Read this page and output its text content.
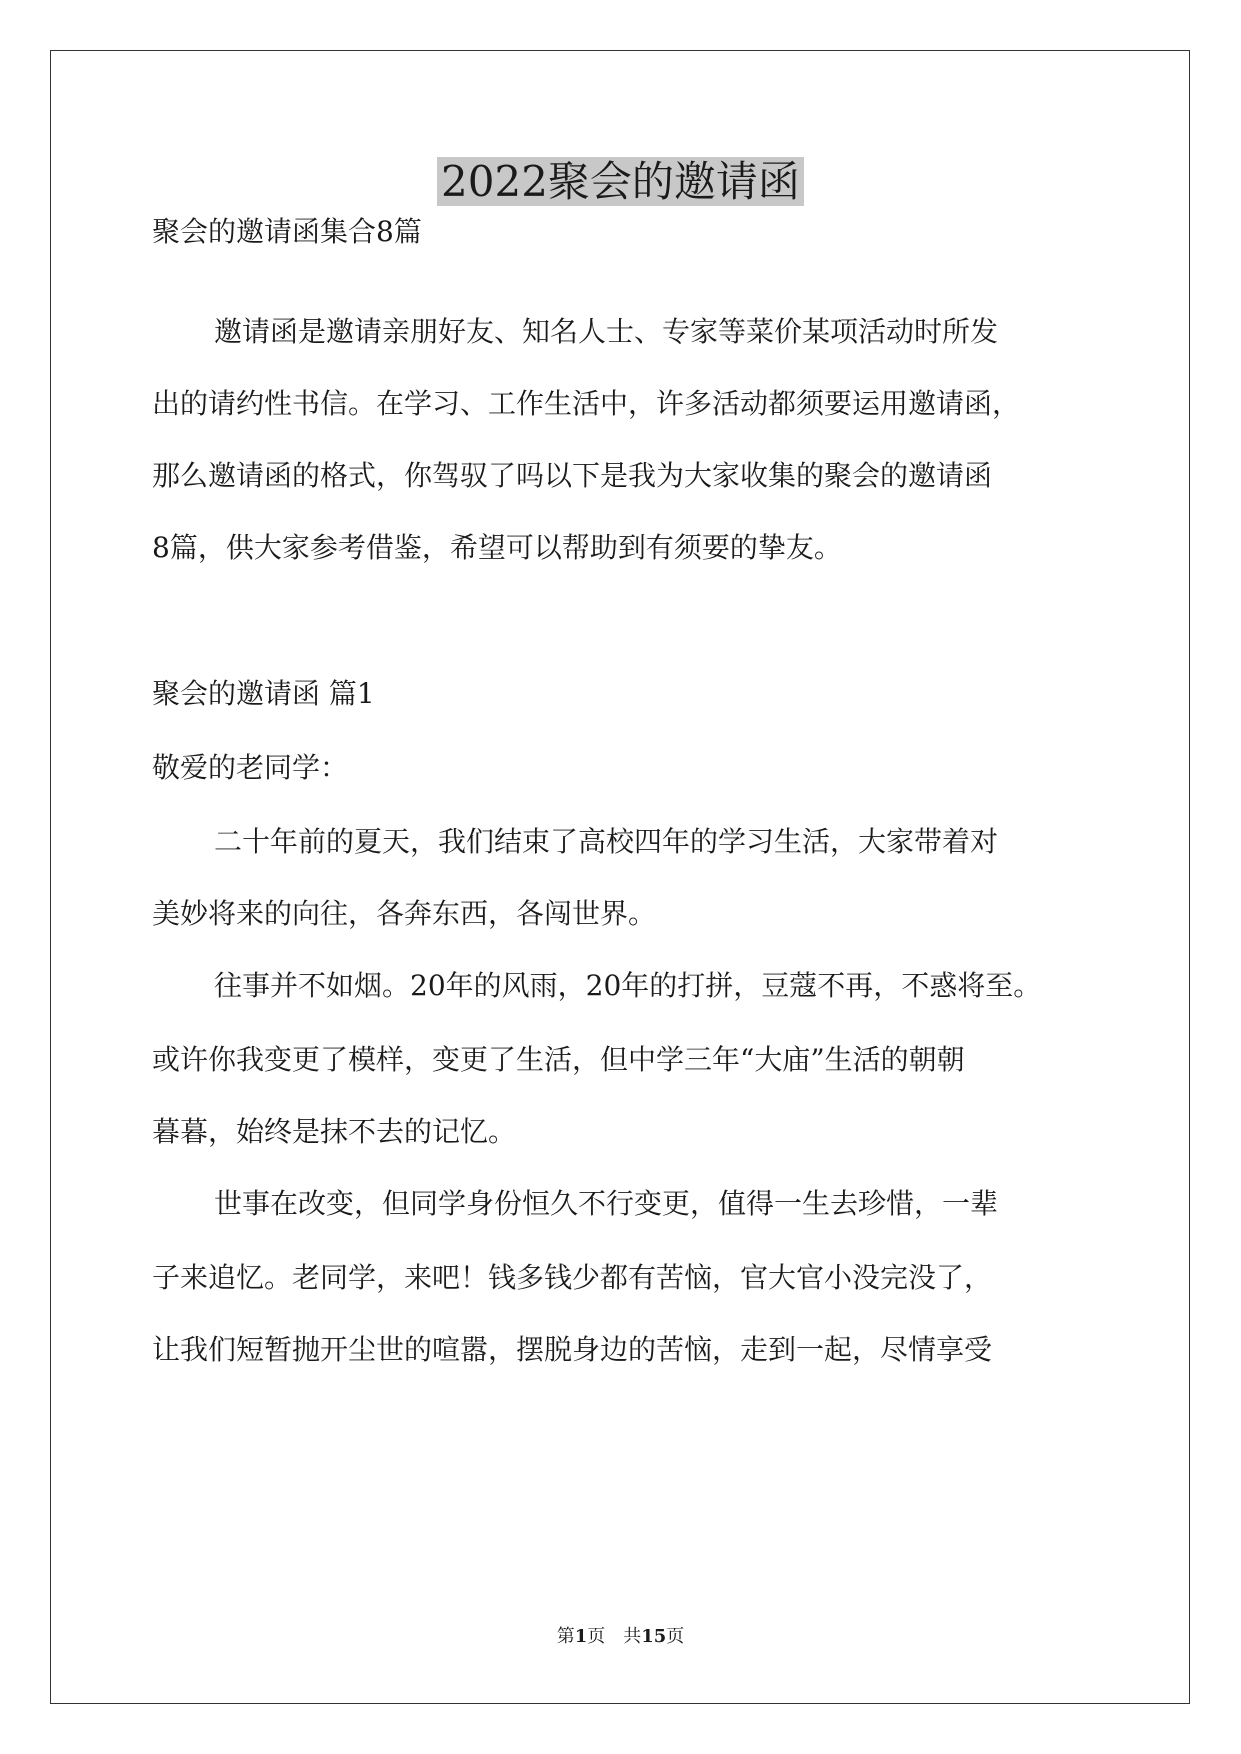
2022聚会的邀请函
聚会的邀请函集合8篇
邀请函是邀请亲朋好友、知名人士、专家等菜价某项活动时所发
出的请约性书信。在学习、工作生活中，许多活动都须要运用邀请函，
那么邀请函的格式，你驾驭了吗以下是我为大家收集的聚会的邀请函
8篇，供大家参考借鉴，希望可以帮助到有须要的挚友。
聚会的邀请函 篇1
敬爱的老同学：
二十年前的夏天，我们结束了高校四年的学习生活，大家带着对
美妙将来的向往，各奔东西，各闯世界。
往事并不如烟。20年的风雨，20年的打拼，豆蔻不再，不惑将至。
或许你我变更了模样，变更了生活，但中学三年“大庙”生活的朝朝
暮暮，始终是抹不去的记忆。
世事在改变，但同学身份恒久不行变更，值得一生去珍惜，一辈
子来追忆。老同学，来吧！钱多钱少都有苦恼，官大官小没完没了，
让我们短暂抛开尘世的喧嚣，摆脱身边的苦恼，走到一起，尽情享受
第1页　共15页
